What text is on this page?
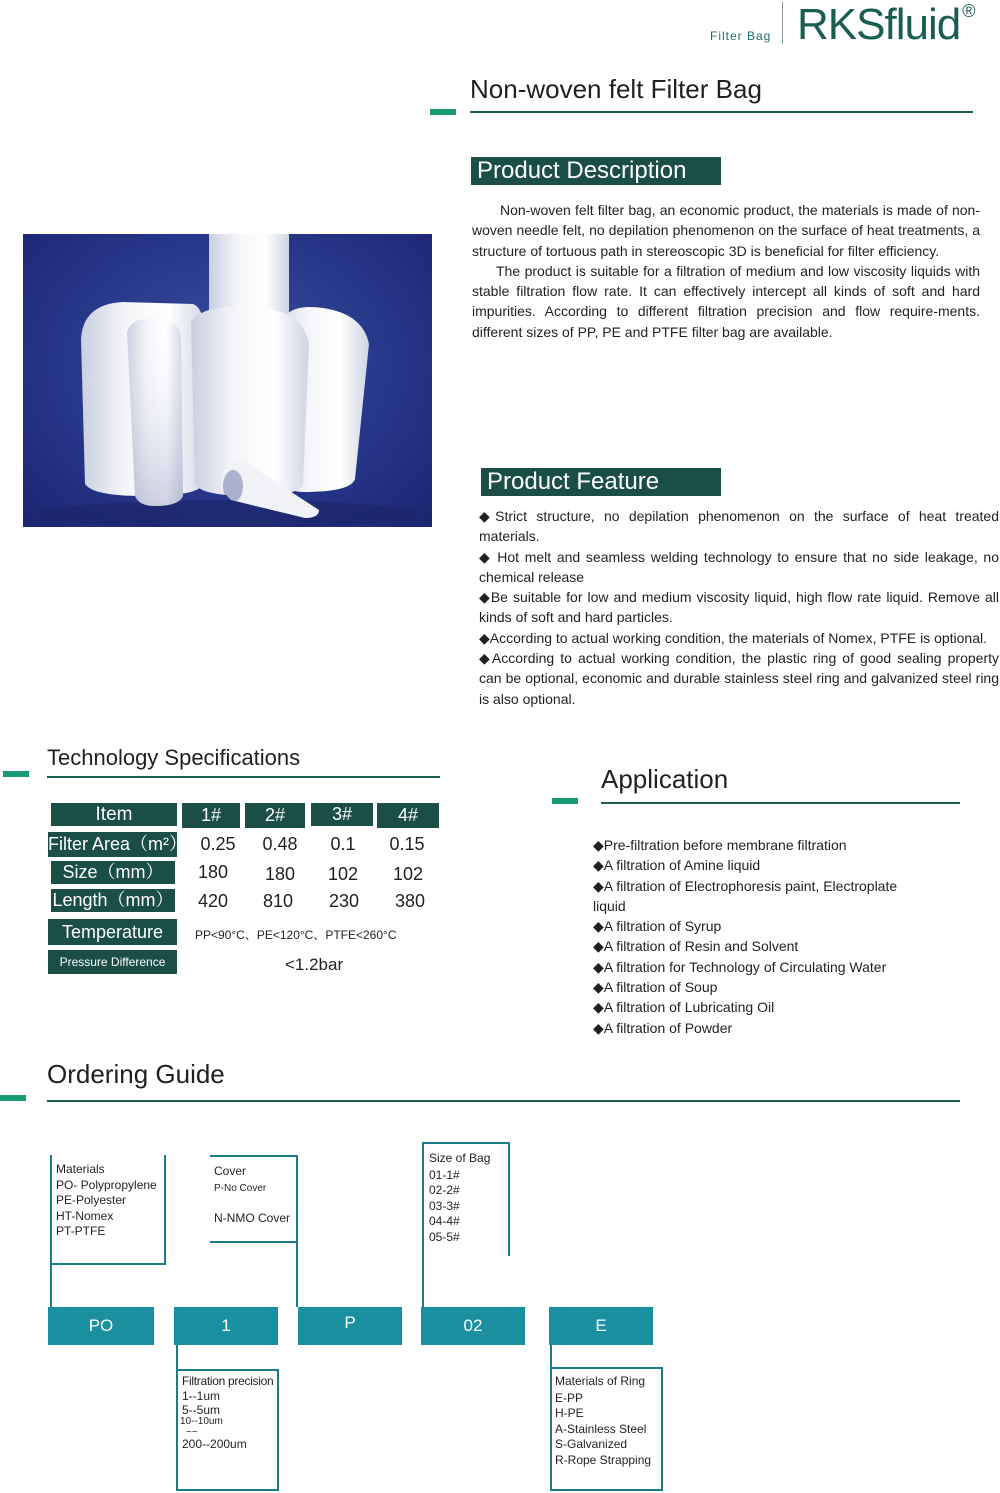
Filter Bag RKSfluid ®
Non-woven felt Filter Bag
Product Description

Non-woven felt filter bag, an economic product, the materials is made of non-woven needle felt, no depilation phenomenon on the surface of heat treatments, a structure of tortuous path in stereoscopic 3D is beneficial for filter efficiency.

The product is suitable for a filtration of medium and low viscosity liquids with stable filtration flow rate. It can effectively intercept all kinds of soft and hard impurities. According to different filtration precision and flow require-ments. different sizes of PP, PE and PTFE filter bag are available.

Product Feature
◆Strict structure, no depilation phenomenon on the surface of heat treated materials.
◆ Hot melt and seamless welding technology to ensure that no side leakage, no chemical release
◆Be suitable for low and medium viscosity liquid, high flow rate liquid. Remove all kinds of soft and hard particles.
◆According to actual working condition, the materials of Nomex, PTFE is optional.
◆According to actual working condition, the plastic ring of good sealing property can be optional, economic and durable stainless steel ring and galvanized steel ring is also optional.
Technology Specifications
Item	1#	2#	3#	4#
Filter Area（m²） 0.25	0.48	0.1	0.15
Size（mm）	180	180	102	102
Length（mm）	420	810	230	380
Temperature	PP<90°C、PE<120°C、PTFE<260°C
Pressure Difference	<1.2bar
Application
◆Pre-filtration before membrane filtration
◆A filtration of Amine liquid
◆A filtration of Electrophoresis paint, Electroplate liquid
◆A filtration of Syrup
◆A filtration of Resin and Solvent
◆A filtration for Technology of Circulating Water
◆A filtration of Soup
◆A filtration of Lubricating Oil
◆A filtration of Powder
Ordering Guide
Materials
PO- Polypropylene
PE-Polyester
HT-Nomex
PT-PTFE
Cover
P-No Cover
N-NMO Cover
Size of Bag
01-1#
02-2#
03-3#
04-4#
05-5#
PO	1	P	02	E
Filtration precision
1--1um
5--5um
10--10um
~~
200--200um
Materials of Ring
E-PP
H-PE
A-Stainless Steel
S-Galvanized
R-Rope Strapping
